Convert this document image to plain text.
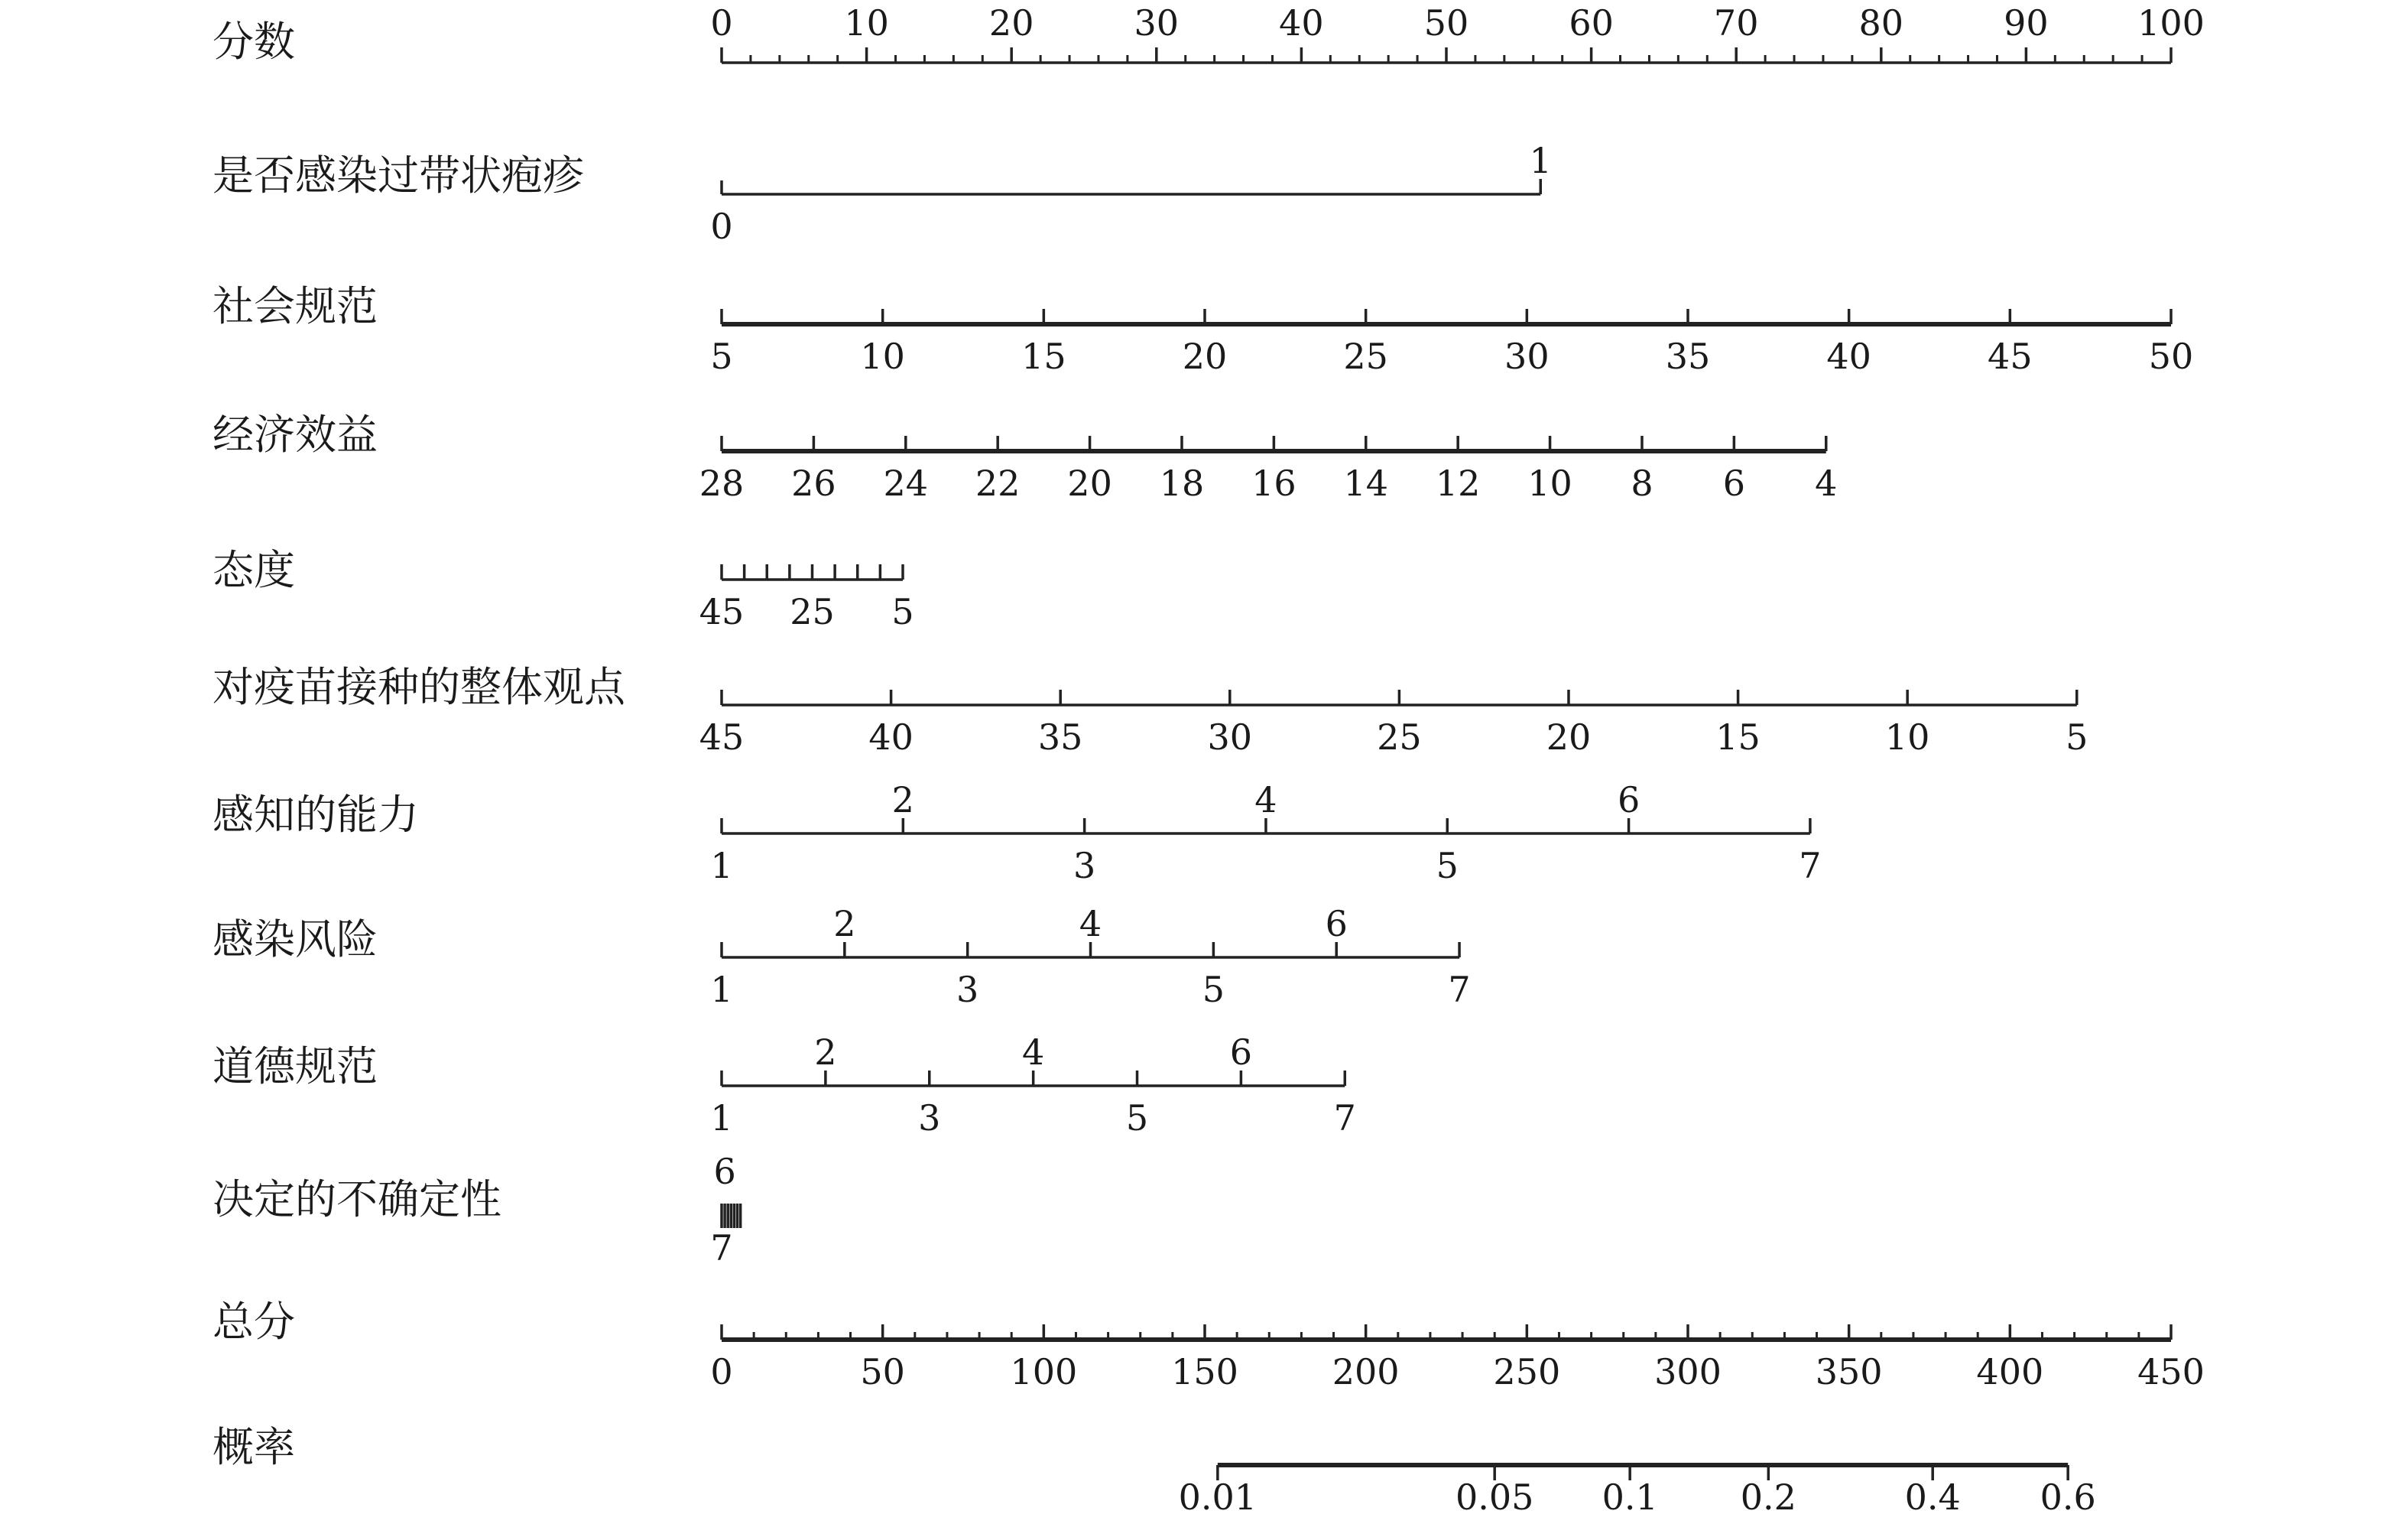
分数	0	10	20	30	40	50	60	70	80	90	100
是否感染过带状疱疹
0
1
社会规范
5	10	15	20	25	30	35	40	45	50
经济效益
28 26 24 22 20 18 16 14 12 10 8 6 4
态度
45 25 5
对疫苗接种的整体观点
45	40	35	30	25	20	15	10	5
感知的能力
1
2
3
4
5
6
7
感染风险
1
2
3
4
5
6
7
道德规范
1
2
3
4
5
6
7
决定的不确定性
6
7
总分
0	50	100	150	200	250	300	350	400	450
概率
0.01	0.05 0.1 0.2	0.4 0.6
